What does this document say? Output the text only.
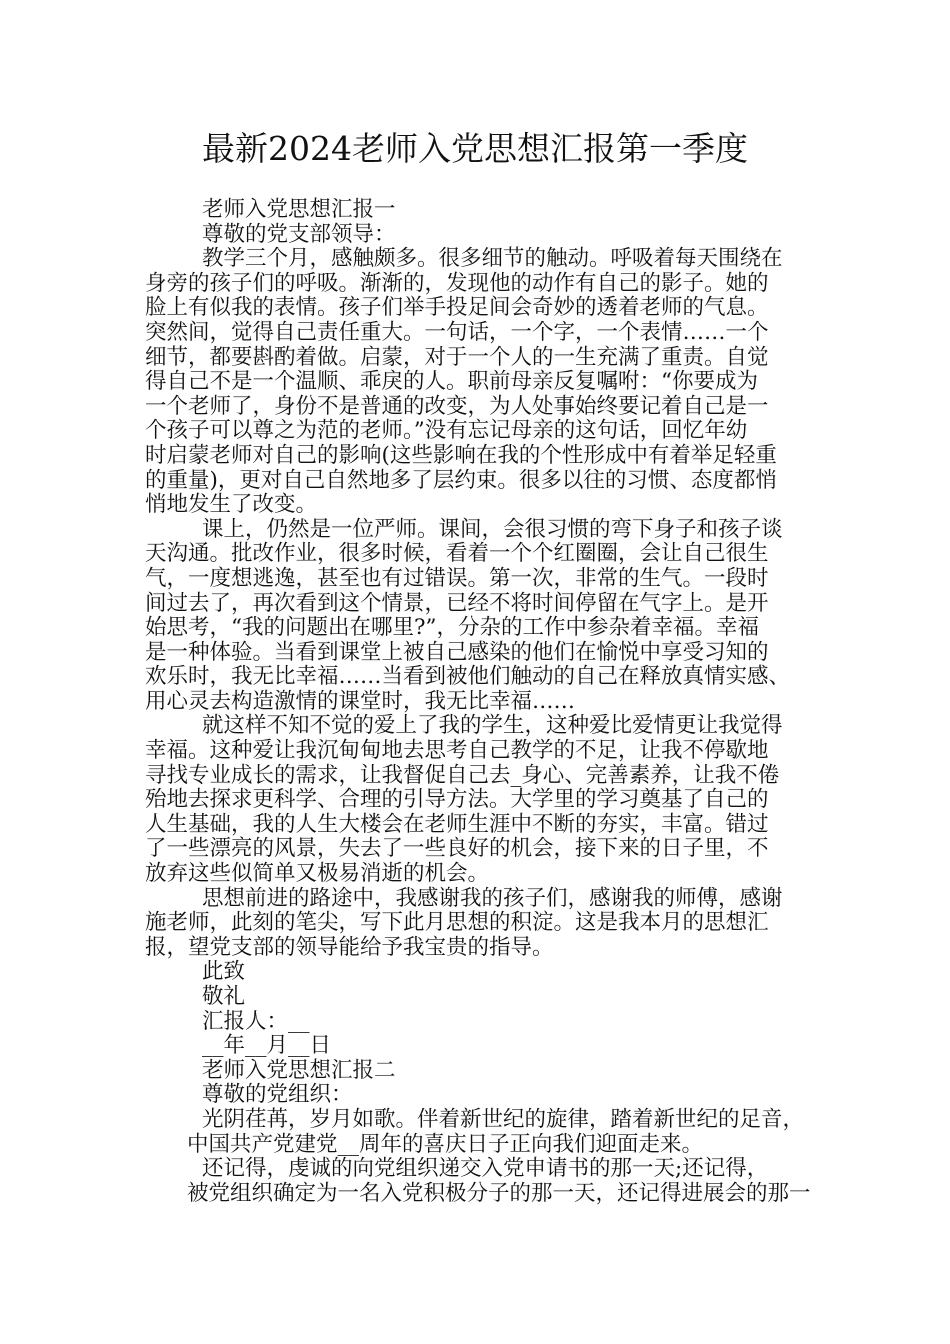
最新2024老师入党思想汇报第一季度
老师入党思想汇报一
尊敬的党支部领导：
教学三个月，感触颇多。很多细节的触动。呼吸着每天围绕在
身旁的孩子们的呼吸。渐渐的，发现他的动作有自己的影子。她的
脸上有似我的表情。孩子们举手投足间会奇妙的透着老师的气息。
突然间，觉得自己责任重大。一句话，一个字，一个表情……一个
细节，都要斟酌着做。启蒙，对于一个人的一生充满了重责。自觉
得自己不是一个温顺、乖戾的人。职前母亲反复嘱咐：“你要成为
一个老师了，身份不是普通的改变，为人处事始终要记着自己是一
个孩子可以尊之为范的老师。”没有忘记母亲的这句话，回忆年幼
时启蒙老师对自己的影响(这些影响在我的个性形成中有着举足轻重
的重量)，更对自己自然地多了层约束。很多以往的习惯、态度都悄
悄地发生了改变。
课上，仍然是一位严师。课间，会很习惯的弯下身子和孩子谈
天沟通。批改作业，很多时候，看着一个个红圈圈，会让自己很生
气，一度想逃逸，甚至也有过错误。第一次，非常的生气。一段时
间过去了，再次看到这个情景，已经不将时间停留在气字上。是开
始思考，“我的问题出在哪里?”，分杂的工作中参杂着幸福。幸福
是一种体验。当看到课堂上被自己感染的他们在愉悦中享受习知的
欢乐时，我无比幸福……当看到被他们触动的自己在释放真情实感、
用心灵去构造激情的课堂时，我无比幸福……
就这样不知不觉的爱上了我的学生，这种爱比爱情更让我觉得
幸福。这种爱让我沉甸甸地去思考自己教学的不足，让我不停歇地
寻找专业成长的需求，让我督促自己去_身心、完善素养，让我不倦
殆地去探求更科学、合理的引导方法。大学里的学习奠基了自己的
人生基础，我的人生大楼会在老师生涯中不断的夯实，丰富。错过
了一些漂亮的风景，失去了一些良好的机会，接下来的日子里，不
放弃这些似简单又极易消逝的机会。
思想前进的路途中，我感谢我的孩子们，感谢我的师傅，感谢
施老师，此刻的笔尖，写下此月思想的积淀。这是我本月的思想汇
报，望党支部的领导能给予我宝贵的指导。
此致
敬礼
汇报人：__
__年__月__日
老师入党思想汇报二
尊敬的党组织：
光阴荏苒，岁月如歌。伴着新世纪的旋律，踏着新世纪的足音，
中国共产党建党__周年的喜庆日子正向我们迎面走来。
还记得，虔诚的向党组织递交入党申请书的那一天;还记得，
被党组织确定为一名入党积极分子的那一天，还记得进展会的那一
